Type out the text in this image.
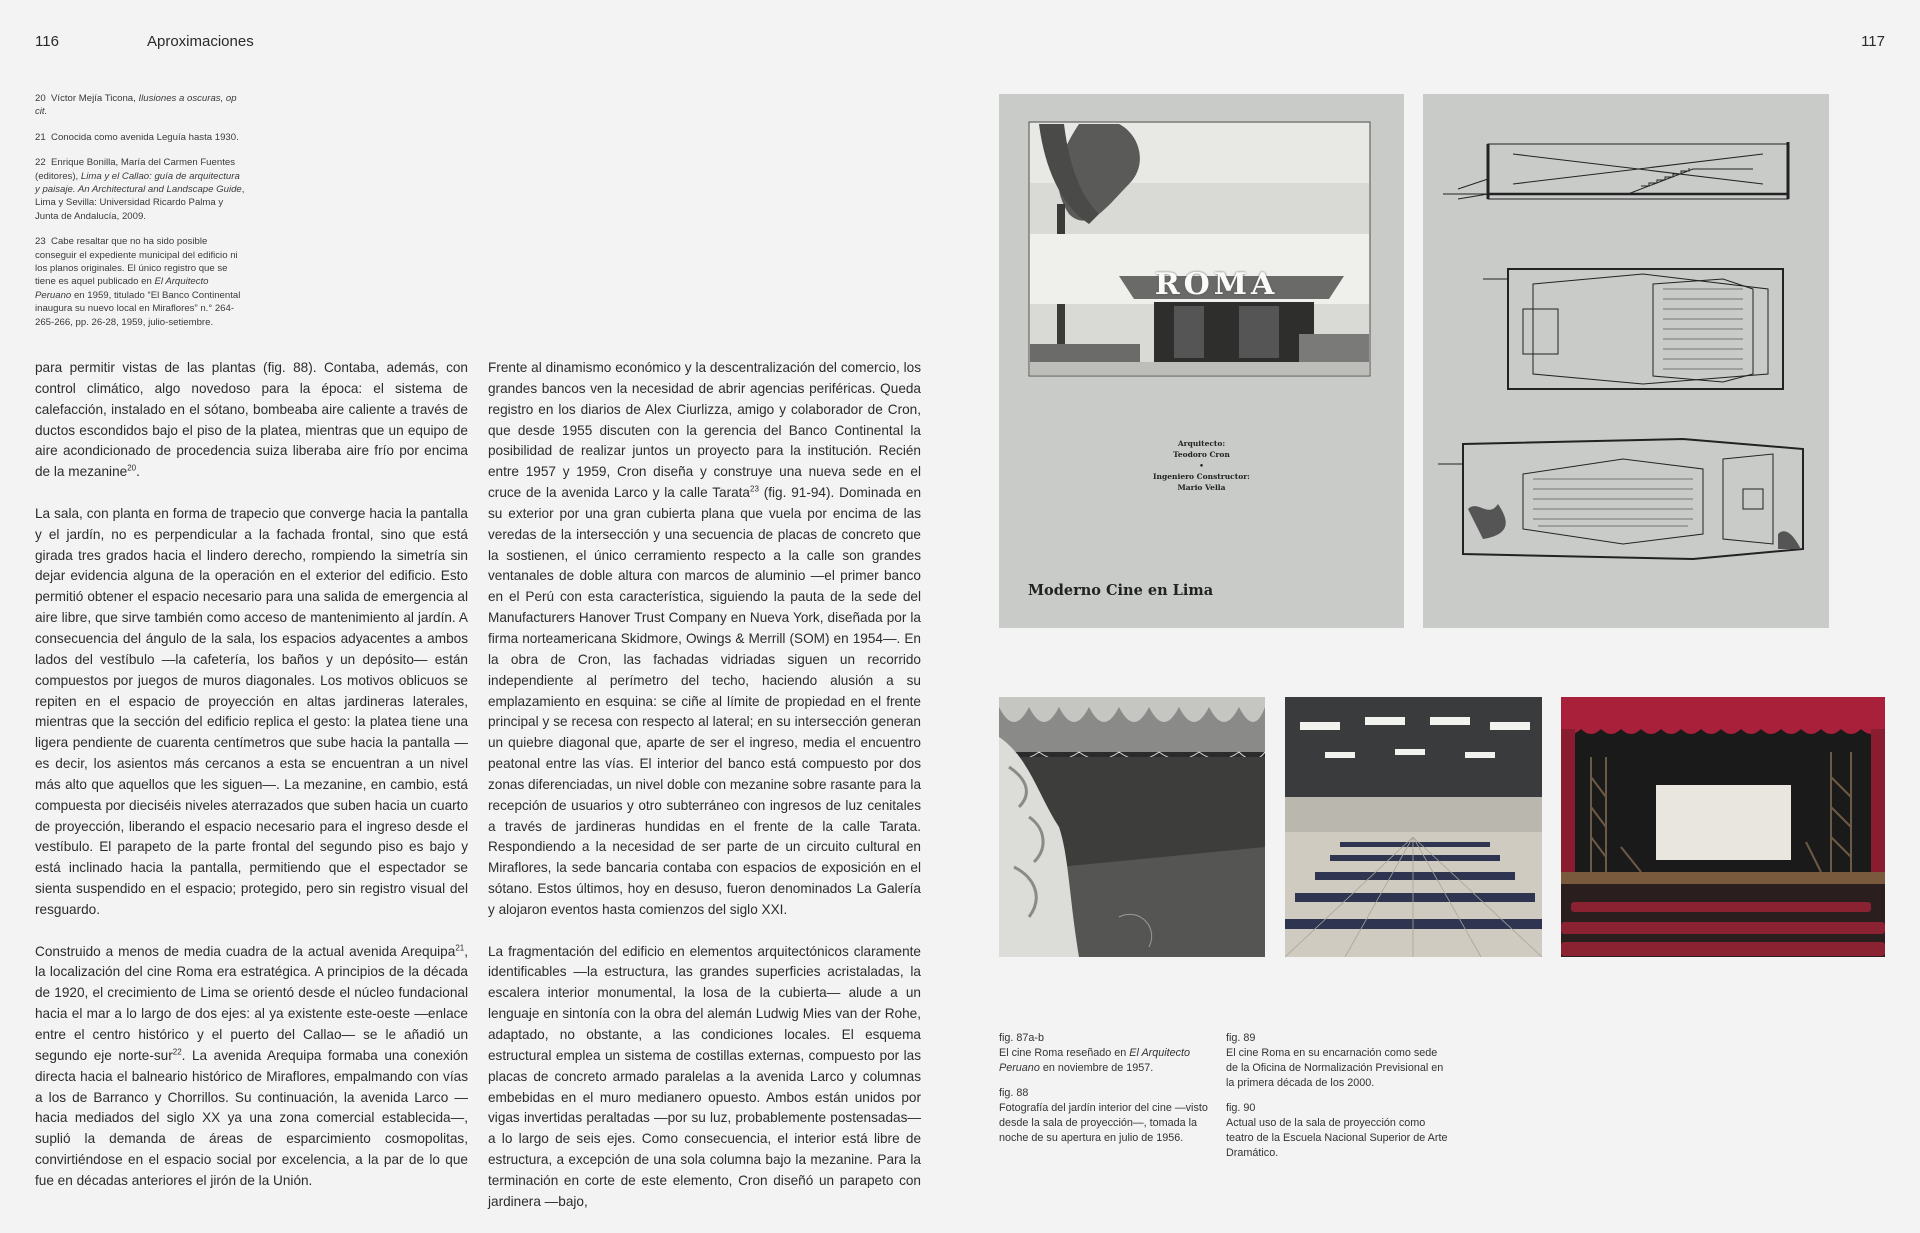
116	Aproximaciones	117
20 Víctor Mejía Ticona, Ilusiones a oscuras, op cit.
21 Conocida como avenida Leguía hasta 1930.
22 Enrique Bonilla, María del Carmen Fuentes (editores), Lima y el Callao: guía de arquitectura y paisaje. An Architectural and Landscape Guide, Lima y Sevilla: Universidad Ricardo Palma y Junta de Andalucía, 2009.
23 Cabe resaltar que no ha sido posible conseguir el expediente municipal del edificio ni los planos originales. El único registro que se tiene es aquel publicado en El Arquitecto Peruano en 1959, titulado “El Banco Continental inaugura su nuevo local en Miraflores” n.° 264-265-266, pp. 26-28, 1959, julio-setiembre.

para permitir vistas de las plantas (fig. 88). Contaba, además, con control climático, algo novedoso para la época: el sistema de calefacción, instalado en el sótano, bombeaba aire caliente a través de ductos escondidos bajo el piso de la platea, mientras que un equipo de aire acondicionado de procedencia suiza liberaba aire frío por encima de la mezanine$^{20}$.

La sala, con planta en forma de trapecio que converge hacia la pantalla y el jardín, no es perpendicular a la fachada frontal, sino que está girada tres grados hacia el lindero derecho, rompiendo la simetría sin dejar evidencia alguna de la operación en el exterior del edificio. Esto permitió obtener el espacio necesario para una salida de emergencia al aire libre, que sirve también como acceso de mantenimiento al jardín. A consecuencia del ángulo de la sala, los espacios adyacentes a ambos lados del vestíbulo —la cafetería, los baños y un depósito— están compuestos por juegos de muros diagonales. Los motivos oblicuos se repiten en el espacio de proyección en altas jardineras laterales, mientras que la sección del edificio replica el gesto: la platea tiene una ligera pendiente de cuarenta centímetros que sube hacia la pantalla —es decir, los asientos más cercanos a esta se encuentran a un nivel más alto que aquellos que les siguen—. La mezanine, en cambio, está compuesta por dieciséis niveles aterrazados que suben hacia un cuarto de proyección, liberando el espacio necesario para el ingreso desde el vestíbulo. El parapeto de la parte frontal del segundo piso es bajo y está inclinado hacia la pantalla, permitiendo que el espectador se sienta suspendido en el espacio; protegido, pero sin registro visual del resguardo.

Construido a menos de media cuadra de la actual avenida Arequipa$^{21}$, la localización del cine Roma era estratégica. A principios de la década de 1920, el crecimiento de Lima se orientó desde el núcleo fundacional hacia el mar a lo largo de dos ejes: al ya existente este-oeste —enlace entre el centro histórico y el puerto del Callao— se le añadió un segundo eje norte-sur$^{22}$. La avenida Arequipa formaba una conexión directa hacia el balneario histórico de Miraflores, empalmando con vías a los de Barranco y Chorrillos. Su continuación, la avenida Larco —hacia mediados del siglo XX ya una zona comercial establecida—, suplió la demanda de áreas de esparcimiento cosmopolitas, convirtiéndose en el espacio social por excelencia, a la par de lo que fue en décadas anteriores el jirón de la Unión.

Frente al dinamismo económico y la descentralización del comercio, los grandes bancos ven la necesidad de abrir agencias periféricas. Queda registro en los diarios de Alex Ciurlizza, amigo y colaborador de Cron, que desde 1955 discuten con la gerencia del Banco Continental la posibilidad de realizar juntos un proyecto para la institución. Recién entre 1957 y 1959, Cron diseña y construye una nueva sede en el cruce de la avenida Larco y la calle Tarata$^{23}$ (fig. 91-94). Dominada en su exterior por una gran cubierta plana que vuela por encima de las veredas de la intersección y una secuencia de placas de concreto que la sostienen, el único cerramiento respecto a la calle son grandes ventanales de doble altura con marcos de aluminio —el primer banco en el Perú con esta característica, siguiendo la pauta de la sede del Manufacturers Hanover Trust Company en Nueva York, diseñada por la firma norteamericana Skidmore, Owings & Merrill (SOM) en 1954—. En la obra de Cron, las fachadas vidriadas siguen un recorrido independiente al perímetro del techo, haciendo alusión a su emplazamiento en esquina: se ciñe al límite de propiedad en el frente principal y se recesa con respecto al lateral; en su intersección generan un quiebre diagonal que, aparte de ser el ingreso, media el encuentro peatonal entre las vías. El interior del banco está compuesto por dos zonas diferenciadas, un nivel doble con mezanine sobre rasante para la recepción de usuarios y otro subterráneo con ingresos de luz cenitales a través de jardineras hundidas en el frente de la calle Tarata. Respondiendo a la necesidad de ser parte de un circuito cultural en Miraflores, la sede bancaria contaba con espacios de exposición en el sótano. Estos últimos, hoy en desuso, fueron denominados La Galería y alojaron eventos hasta comienzos del siglo XXI.

La fragmentación del edificio en elementos arquitectónicos claramente identificables —la estructura, las grandes superficies acristaladas, la escalera interior monumental, la losa de la cubierta— alude a un lenguaje en sintonía con la obra del alemán Ludwig Mies van der Rohe, adaptado, no obstante, a las condiciones locales. El esquema estructural emplea un sistema de costillas externas, compuesto por las placas de concreto armado paralelas a la avenida Larco y columnas embebidas en el muro medianero opuesto. Ambos están unidos por vigas invertidas peraltadas —por su luz, probablemente postensadas— a lo largo de seis ejes. Como consecuencia, el interior está libre de estructura, a excepción de una sola columna bajo la mezanine. Para la terminación en corte de este elemento, Cron diseñó un parapeto con jardinera —bajo,

ROMA
Arquitecto:
Teodoro Cron
•
Ingeniero Constructor:
Mario Vella
Moderno Cine en Lima
fig. 87a-b
El cine Roma reseñado en El Arquitecto Peruano en noviembre de 1957.
fig. 88
Fotografía del jardín interior del cine —visto desde la sala de proyección—, tomada la noche de su apertura en julio de 1956.
fig. 89
El cine Roma en su encarnación como sede de la Oficina de Normalización Previsional en la primera década de los 2000.
fig. 90
Actual uso de la sala de proyección como teatro de la Escuela Nacional Superior de Arte Dramático.
